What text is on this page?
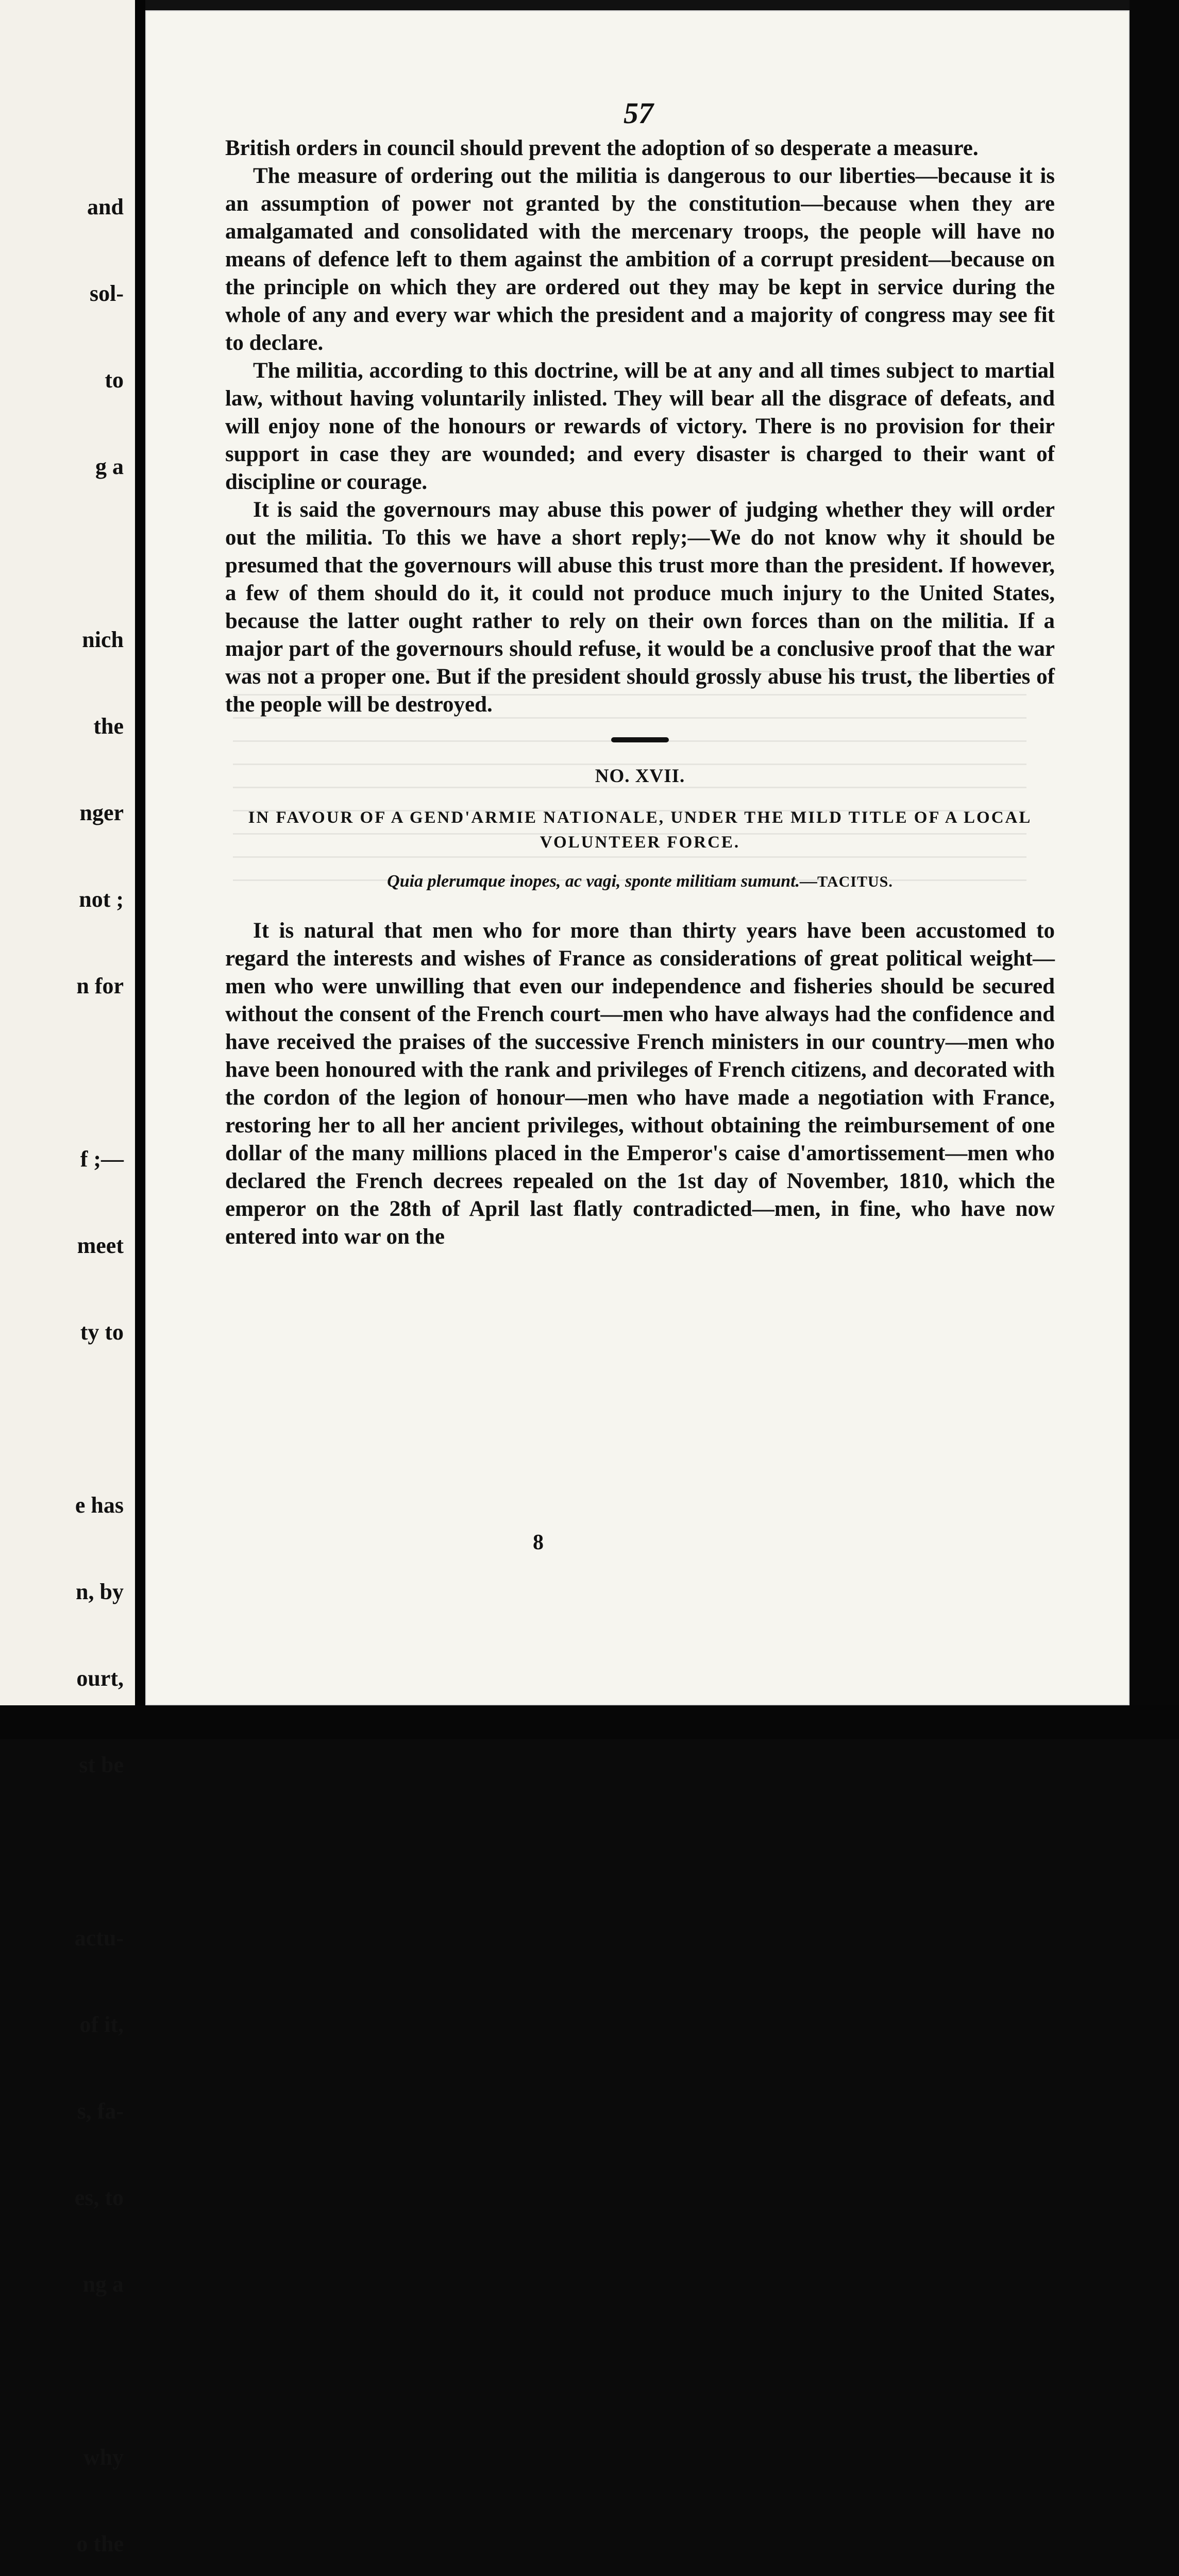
and

sol-

to

g a

nich

the

nger

not ;

n for

f ;—

meet

ty to

e has

n, by

ourt,

st be

actu-

of it,

s, fa-

es, to

ng a

why

o the

57

British orders in council should prevent the adoption of so desperate a measure.

The measure of ordering out the militia is dangerous to our liberties—because it is an assumption of power not granted by the constitution—because when they are amalgamated and consolidated with the mercenary troops, the people will have no means of defence left to them against the ambition of a corrupt president—because on the principle on which they are ordered out they may be kept in service during the whole of any and every war which the president and a majority of congress may see fit to declare.

The militia, according to this doctrine, will be at any and all times subject to martial law, without having voluntarily inlisted. They will bear all the disgrace of defeats, and will enjoy none of the honours or rewards of victory. There is no provision for their support in case they are wounded; and every disaster is charged to their want of discipline or courage.

It is said the governours may abuse this power of judging whether they will order out the militia. To this we have a short reply;—We do not know why it should be presumed that the governours will abuse this trust more than the president. If however, a few of them should do it, it could not produce much injury to the United States, because the latter ought rather to rely on their own forces than on the militia. If a major part of the governours should refuse, it would be a conclusive proof that the war was not a proper one. But if the president should grossly abuse his trust, the liberties of the people will be destroyed.

NO. XVII.
IN FAVOUR OF A GEND'ARMIE NATIONALE, UNDER THE MILD TITLE OF A LOCAL VOLUNTEER FORCE.
Quia plerumque inopes, ac vagi, sponte militiam sumunt.—TACITUS.

It is natural that men who for more than thirty years have been accustomed to regard the interests and wishes of France as considerations of great political weight—men who were unwilling that even our independence and fisheries should be secured without the consent of the French court—men who have always had the confidence and have received the praises of the successive French ministers in our country—men who have been honoured with the rank and privileges of French citizens, and decorated with the cordon of the legion of honour—men who have made a negotiation with France, restoring her to all her ancient privileges, without obtaining the reimbursement of one dollar of the many millions placed in the Emperor's caise d'amortissement—men who declared the French decrees repealed on the 1st day of November, 1810, which the emperor on the 28th of April last flatly contradicted—men, in fine, who have now entered into war on the

8
